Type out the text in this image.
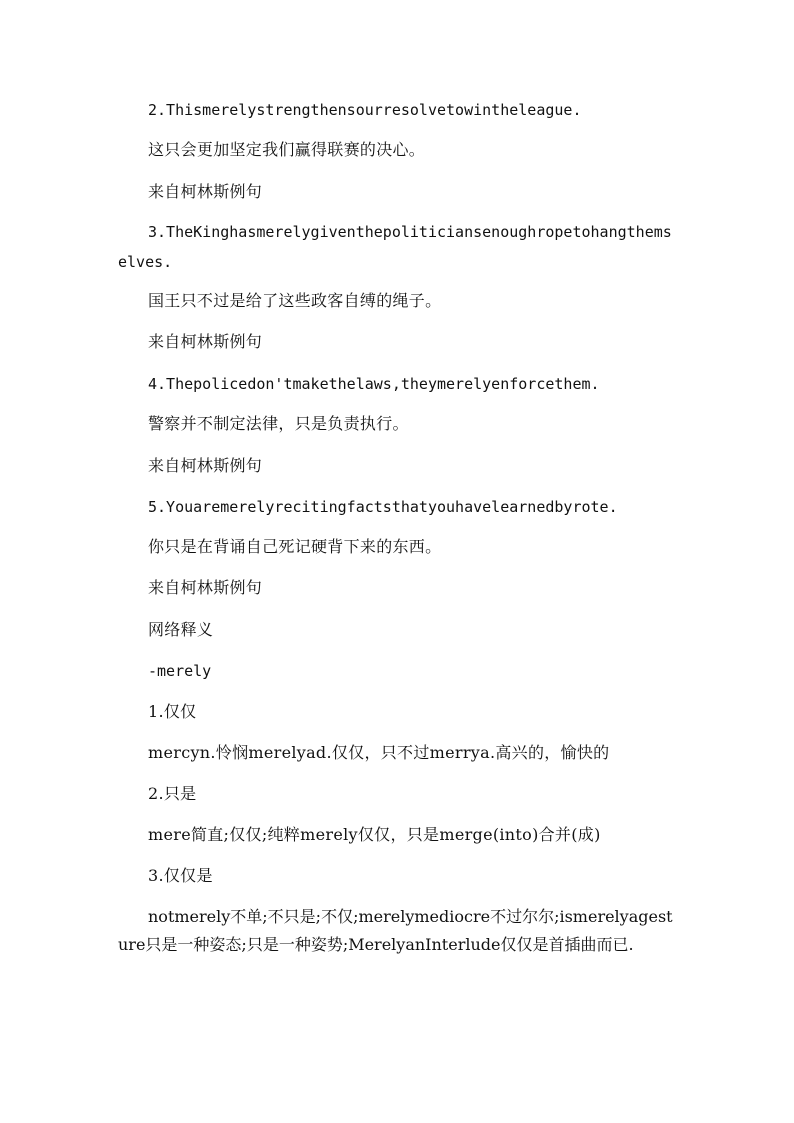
2.Thismerelystrengthensourresolvetowintheleague.
这只会更加坚定我们赢得联赛的决心。
来自柯林斯例句
3.TheKinghasmerelygiventhepoliticiansenoughropetohangthemselves.
国王只不过是给了这些政客自缚的绳子。
来自柯林斯例句
4.Thepolicedon'tmakethelaws,theymerelyenforcethem.
警察并不制定法律，只是负责执行。
来自柯林斯例句
5.Youaremerelyrecitingfactsthatyouhavelearnedbyrote.
你只是在背诵自己死记硬背下来的东西。
来自柯林斯例句
网络释义
-merely
1.仅仅
mercyn.怜悯merelyad.仅仅，只不过merrya.高兴的，愉快的
2.只是
mere简直;仅仅;纯粹merely仅仅，只是merge(into)合并(成)
3.仅仅是
notmerely不单;不只是;不仅;merelymediocre不过尔尔;ismerelyagesture只是一种姿态;只是一种姿势;MerelyanInterlude仅仅是首插曲而已.
